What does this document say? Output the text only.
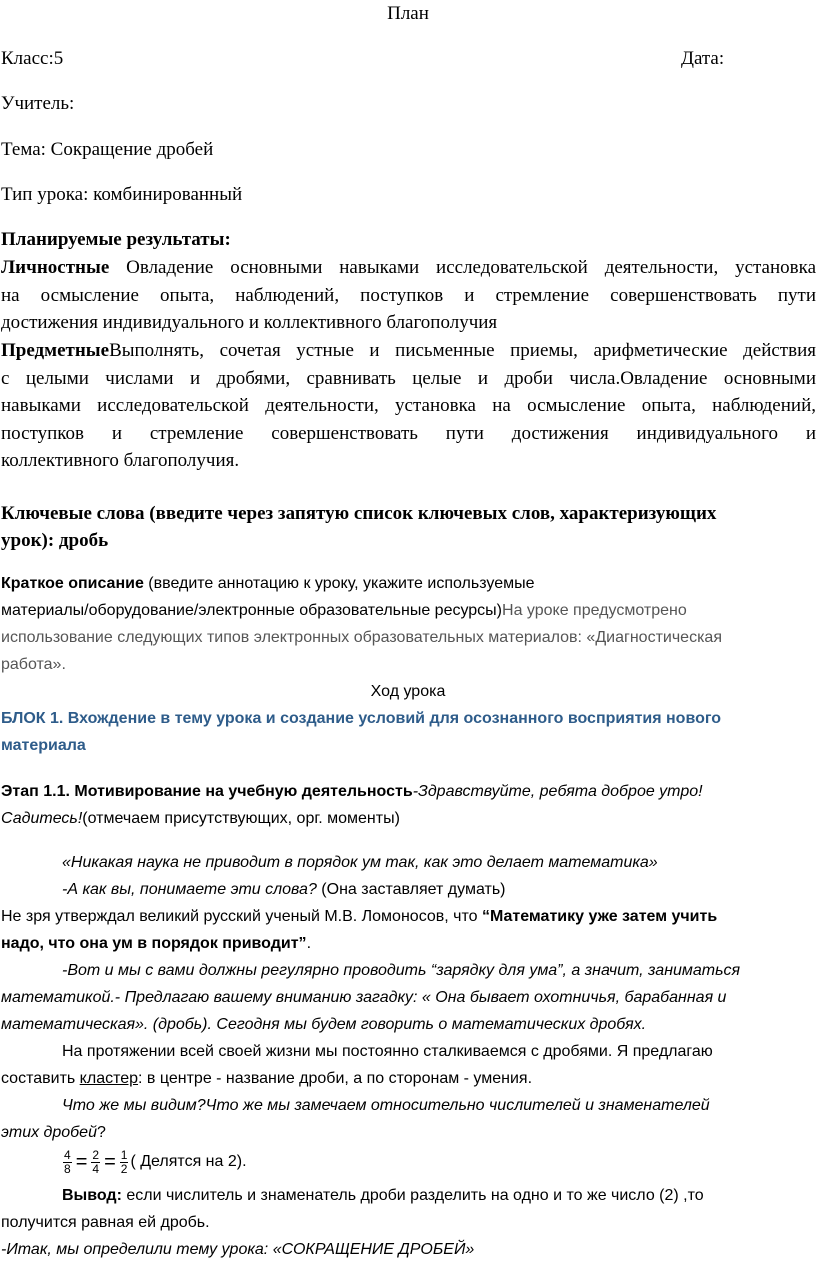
План
Класс:5	Дата:
Учитель:
Тема: Сокращение дробей
Тип урока: комбинированный
Планируемые результаты:
Личностные Овладение основными навыками исследовательской деятельности, установка
на осмысление опыта, наблюдений, поступков и стремление совершенствовать пути
достижения индивидуального и коллективного благополучия
ПредметныеВыполнять, сочетая устные и письменные приемы, арифметические действия
с целыми числами и дробями, сравнивать целые и дроби числа.Овладение основными
навыками исследовательской деятельности, установка на осмысление опыта, наблюдений,
поступков и стремление совершенствовать пути достижения индивидуального и
коллективного благополучия.
Ключевые слова (введите через запятую список ключевых слов, характеризующих
урок): дробь
Краткое описание (введите аннотацию к уроку, укажите используемые
материалы/оборудование/электронные образовательные ресурсы)На уроке предусмотрено
использование следующих типов электронных образовательных материалов: «Диагностическая
работа».
Ход урока
БЛОК 1. Вхождение в тему урока и создание условий для осознанного восприятия нового
материала
Этап 1.1. Мотивирование на учебную деятельность-Здравствуйте, ребята доброе утро!
Садитесь!(отмечаем присутствующих, орг. моменты)
«Никакая наука не приводит в порядок ум так, как это делает математика»
-А как вы, понимаете эти слова? (Она заставляет думать)
Не зря утверждал великий русский ученый М.В. Ломоносов, что “Математику уже затем учить
надо, что она ум в порядок приводит”.
-Вот и мы с вами должны регулярно проводить “зарядку для ума”, а значит, заниматься
математикой.- Предлагаю вашему вниманию загадку: « Она бывает охотничья, барабанная и
математическая». (дробь). Сегодня мы будем говорить о математических дробях.
На протяжении всей своей жизни мы постоянно сталкиваемся с дробями. Я предлагаю
составить кластер: в центре - название дроби, а по сторонам - умения.
Что же мы видим?Что же мы замечаем относительно числителей и знаменателей
этих дробей?
$\frac{4}{8} = \frac{2}{4} = \frac{1}{2}$ ( Делятся на 2).
Вывод: если числитель и знаменатель дроби разделить на одно и то же число (2) ,то
получится равная ей дробь.
-Итак, мы определили тему урока: «СОКРАЩЕНИЕ ДРОБЕЙ»
